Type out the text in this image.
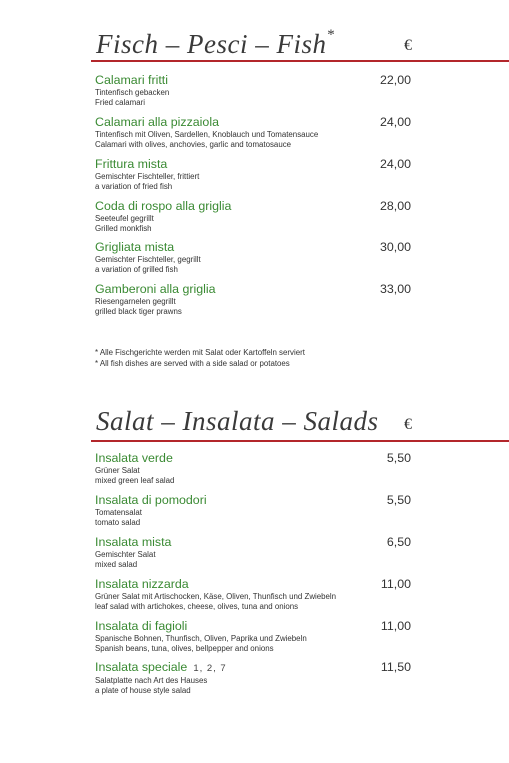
Fisch – Pesci – Fish*
€
Calamari fritti	22,00
Tintenfisch gebacken
Fried calamari
Calamari alla pizzaiola	24,00
Tintenfisch mit Oliven, Sardellen, Knoblauch und Tomatensauce
Calamari with olives, anchovies, garlic and tomatosauce
Frittura mista	24,00
Gemischter Fischteller, frittiert
a variation of fried fish
Coda di rospo alla griglia	28,00
Seeteufel gegrillt
Grilled monkfish
Grigliata mista	30,00
Gemischter Fischteller, gegrillt
a variation of grilled fish
Gamberoni alla griglia	33,00
Riesengarnelen gegrillt
grilled black tiger prawns
* Alle Fischgerichte werden mit Salat oder Kartoffeln serviert
* All fish dishes are served with a side salad or potatoes
Salat – Insalata – Salads €
Insalata verde	5,50
Grüner Salat
mixed green leaf salad
Insalata di pomodori	5,50
Tomatensalat
tomato salad
Insalata mista	6,50
Gemischter Salat
mixed salad
Insalata nizzarda	11,00
Grüner Salat mit Artischocken, Käse, Oliven, Thunfisch und Zwiebeln
leaf salad with artichokes, cheese, olives, tuna and onions
Insalata di fagioli	11,00
Spanische Bohnen, Thunfisch, Oliven, Paprika und Zwiebeln
Spanish beans, tuna, olives, bellpepper and onions
Insalata speciale 1, 2, 7	11,50
Salatplatte nach Art des Hauses
a plate of house style salad
